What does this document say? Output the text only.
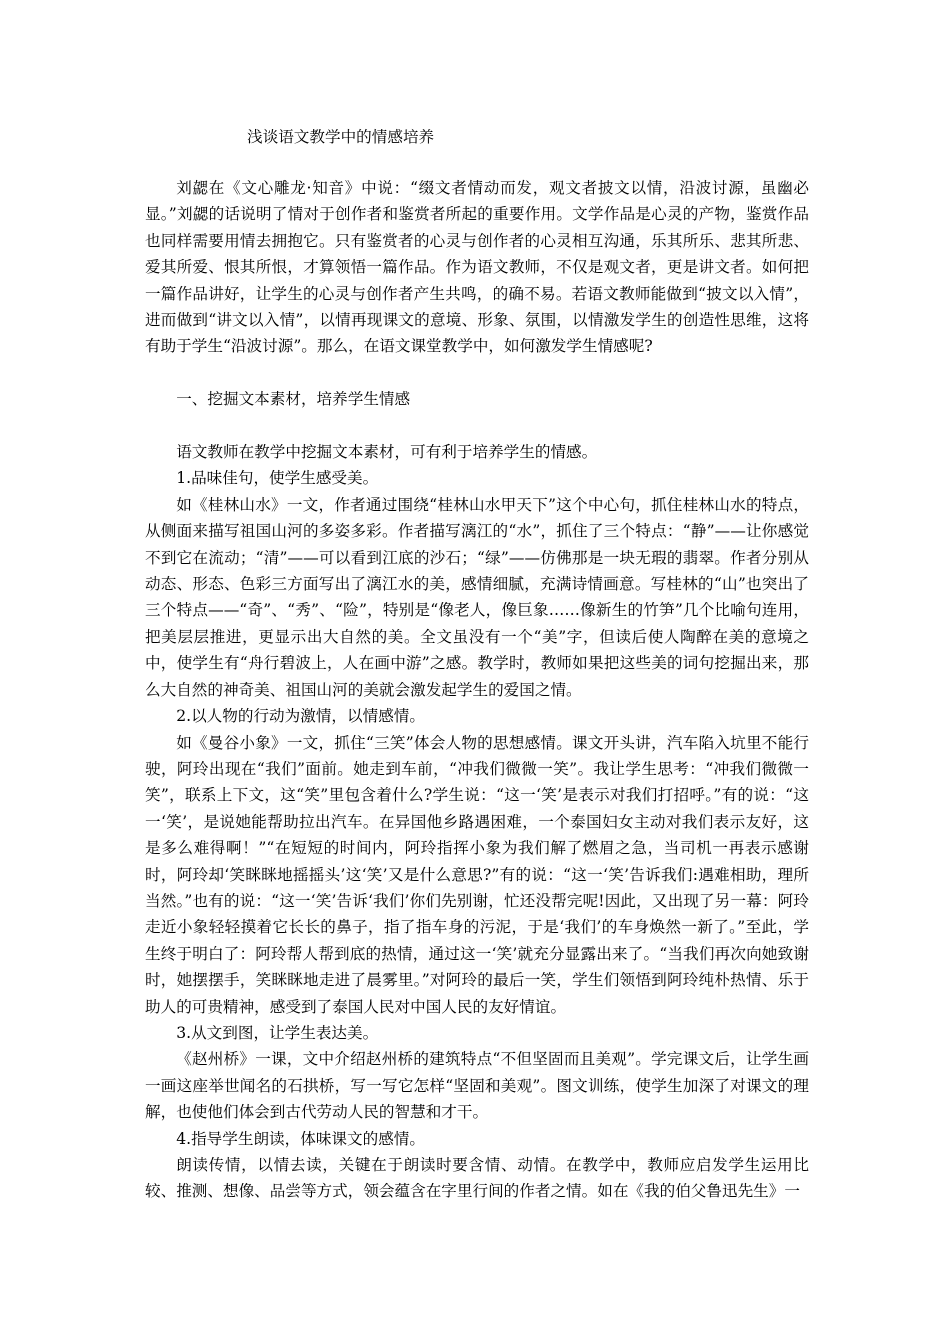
浅谈语文教学中的情感培养

刘勰在《文心雕龙·知音》中说：“缀文者情动而发，观文者披文以情，沿波讨源，虽幽必显。”刘勰的话说明了情对于创作者和鉴赏者所起的重要作用。文学作品是心灵的产物，鉴赏作品也同样需要用情去拥抱它。只有鉴赏者的心灵与创作者的心灵相互沟通，乐其所乐、悲其所悲、爱其所爱、恨其所恨，才算领悟一篇作品。作为语文教师，不仅是观文者，更是讲文者。如何把一篇作品讲好，让学生的心灵与创作者产生共鸣，的确不易。若语文教师能做到“披文以入情”，进而做到“讲文以入情”，以情再现课文的意境、形象、氛围，以情激发学生的创造性思维，这将有助于学生“沿波讨源”。那么，在语文课堂教学中，如何激发学生情感呢?

一、挖掘文本素材，培养学生情感

语文教师在教学中挖掘文本素材，可有利于培养学生的情感。

1.品味佳句，使学生感受美。

如《桂林山水》一文，作者通过围绕“桂林山水甲天下”这个中心句，抓住桂林山水的特点，从侧面来描写祖国山河的多姿多彩。作者描写漓江的“水”，抓住了三个特点：“静”——让你感觉不到它在流动；“清”——可以看到江底的沙石；“绿”——仿佛那是一块无瑕的翡翠。作者分别从动态、形态、色彩三方面写出了漓江水的美，感情细腻，充满诗情画意。写桂林的“山”也突出了三个特点——“奇”、“秀”、“险”，特别是“像老人，像巨象……像新生的竹笋”几个比喻句连用，把美层层推进，更显示出大自然的美。全文虽没有一个“美”字，但读后使人陶醉在美的意境之中，使学生有“舟行碧波上，人在画中游”之感。教学时，教师如果把这些美的词句挖掘出来，那么大自然的神奇美、祖国山河的美就会激发起学生的爱国之情。

2.以人物的行动为激情，以情感情。

如《曼谷小象》一文，抓住“三笑”体会人物的思想感情。课文开头讲，汽车陷入坑里不能行驶，阿玲出现在“我们”面前。她走到车前，“冲我们微微一笑”。我让学生思考：“冲我们微微一笑”，联系上下文，这“笑”里包含着什么?学生说：“这一‘笑’是表示对我们打招呼。”有的说：“这一‘笑’，是说她能帮助拉出汽车。在异国他乡路遇困难，一个泰国妇女主动对我们表示友好，这是多么难得啊！”“在短短的时间内，阿玲指挥小象为我们解了燃眉之急，当司机一再表示感谢时，阿玲却‘笑眯眯地摇摇头’这‘笑’又是什么意思?”有的说：“这一‘笑’告诉我们:遇难相助，理所当然。”也有的说：“这一‘笑’告诉‘我们’你们先别谢，忙还没帮完呢!因此，又出现了另一幕：阿玲走近小象轻轻摸着它长长的鼻子，指了指车身的污泥，于是‘我们’的车身焕然一新了。”至此，学生终于明白了：阿玲帮人帮到底的热情，通过这一‘笑’就充分显露出来了。“当我们再次向她致谢时，她摆摆手，笑眯眯地走进了晨雾里。”对阿玲的最后一笑，学生们领悟到阿玲纯朴热情、乐于助人的可贵精神，感受到了泰国人民对中国人民的友好情谊。

3.从文到图，让学生表达美。

《赵州桥》一课，文中介绍赵州桥的建筑特点“不但坚固而且美观”。学完课文后，让学生画一画这座举世闻名的石拱桥，写一写它怎样“坚固和美观”。图文训练，使学生加深了对课文的理解，也使他们体会到古代劳动人民的智慧和才干。

4.指导学生朗读，体味课文的感情。

朗读传情，以情去读，关键在于朗读时要含情、动情。在教学中，教师应启发学生运用比较、推测、想像、品尝等方式，领会蕴含在字里行间的作者之情。如在《我的伯父鲁迅先生》一
